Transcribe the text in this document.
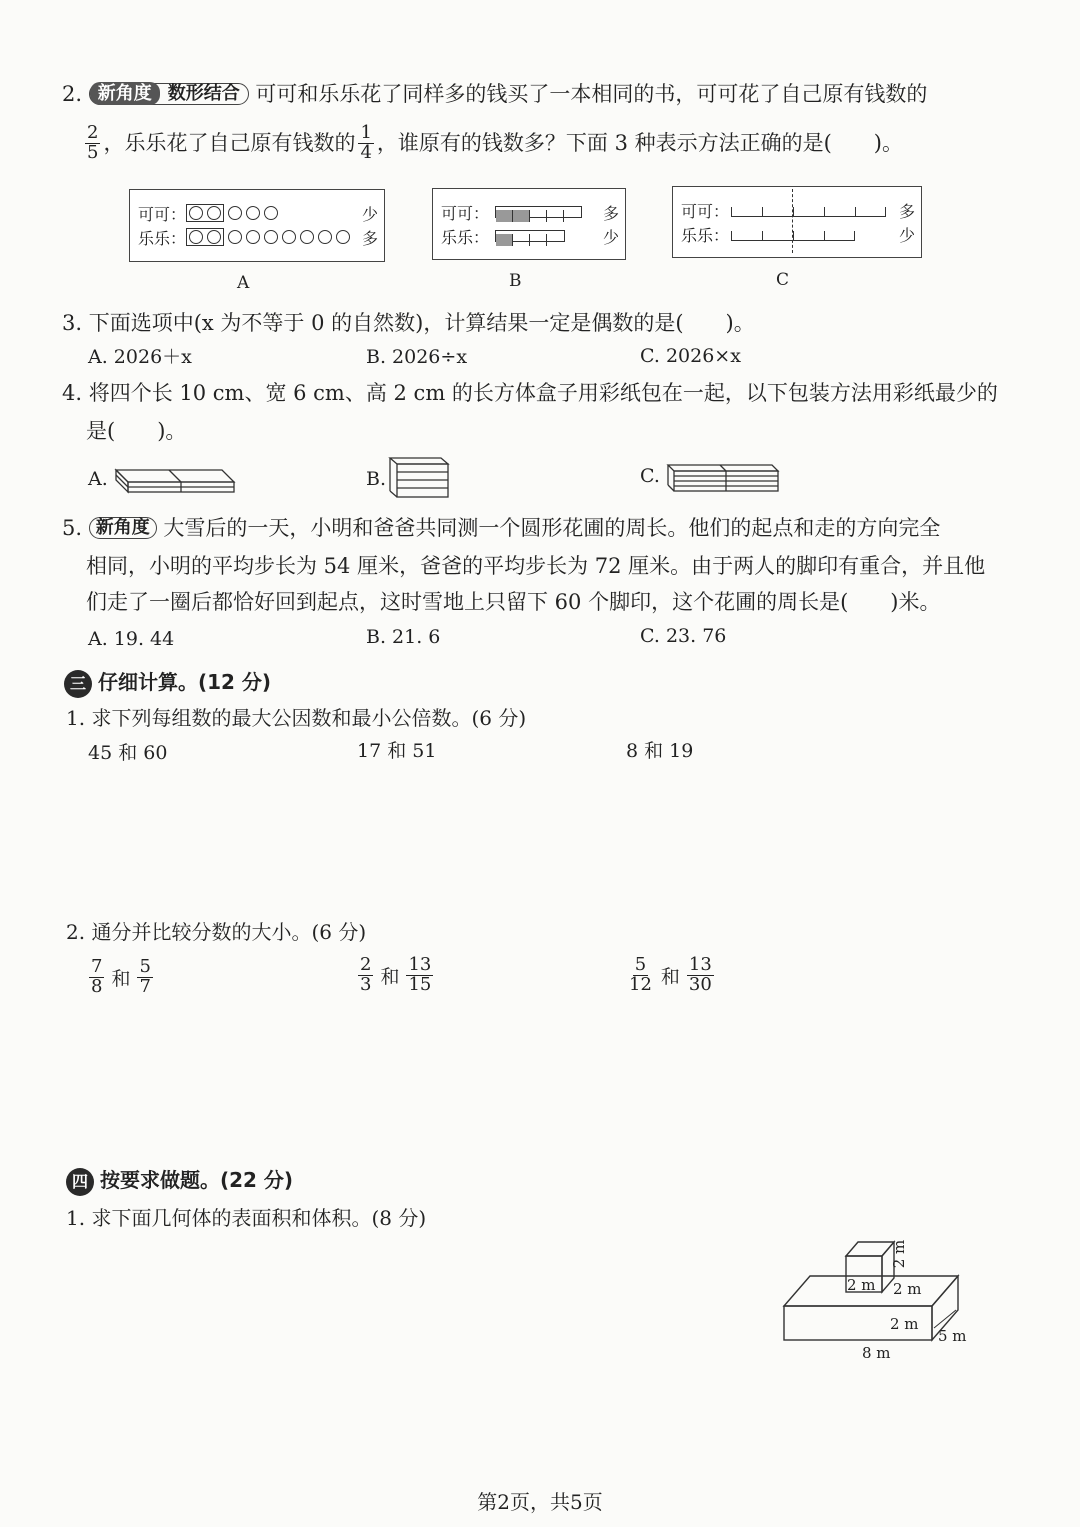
2. 新角度 数形结合 可可和乐乐花了同样多的钱买了一本相同的书，可可花了自己原有钱数的
$\frac{2}{5}$ ，乐乐花了自己原有钱数的 $\frac{1}{4}$ ，谁原有的钱数多？下面 3 种表示方法正确的是(　　)。
可可：	少
乐乐：	多
A
可可：	多
乐乐：	少
B
可可：	多
乐乐：	少
C
3. 下面选项中(x 为不等于 0 的自然数)，计算结果一定是偶数的是(　　)。
A. 2026＋x	B. 2026÷x	C. 2026×x
4. 将四个长 10 cm、宽 6 cm、高 2 cm 的长方体盒子用彩纸包在一起，以下包装方法用彩纸最少的
是(　　)。
A.	B.	C.
5. 新角度 大雪后的一天，小明和爸爸共同测一个圆形花圃的周长。他们的起点和走的方向完全
相同，小明的平均步长为 54 厘米，爸爸的平均步长为 72 厘米。由于两人的脚印有重合，并且他
们走了一圈后都恰好回到起点，这时雪地上只留下 60 个脚印，这个花圃的周长是(　　)米。
A. 19. 44	B. 21. 6	C. 23. 76
三 仔细计算。(12 分)
1. 求下列每组数的最大公因数和最小公倍数。(6 分)
45 和 60	17 和 51	8 和 19
2. 通分并比较分数的大小。(6 分)
$\frac{7}{8}$ 和 $\frac{5}{7}$	$\frac{2}{3}$ 和 $\frac{13}{15}$	$\frac{5}{12}$ 和 $\frac{13}{30}$
四 按要求做题。(22 分)
1. 求下面几何体的表面积和体积。(8 分)
2 m 2 m
2 m
2 m
5 m
8 m
第2页，共5页
